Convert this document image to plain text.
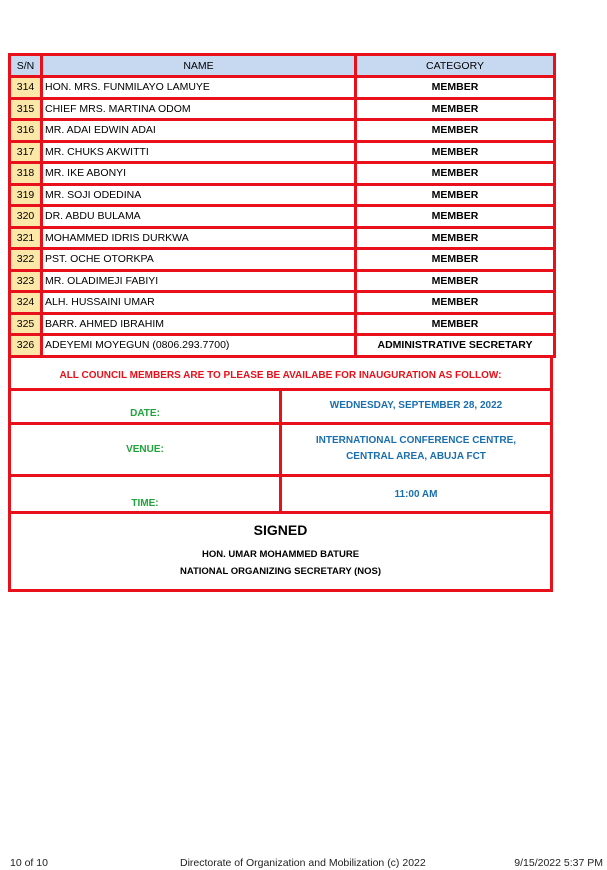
S/N	NAME	CATEGORY
314	HON. MRS. FUNMILAYO LAMUYE	MEMBER
315	CHIEF MRS. MARTINA ODOM	MEMBER
316	MR. ADAI EDWIN ADAI	MEMBER
317	MR. CHUKS AKWITTI	MEMBER
318	MR. IKE ABONYI	MEMBER
319	MR. SOJI ODEDINA	MEMBER
320	DR. ABDU BULAMA	MEMBER
321	MOHAMMED IDRIS DURKWA	MEMBER
322	PST. OCHE OTORKPA	MEMBER
323	MR. OLADIMEJI FABIYI	MEMBER
324	ALH. HUSSAINI UMAR	MEMBER
325	BARR. AHMED IBRAHIM	MEMBER
326	ADEYEMI MOYEGUN (0806.293.7700)	ADMINISTRATIVE SECRETARY
ALL COUNCIL MEMBERS ARE TO PLEASE BE AVAILABE FOR INAUGURATION AS FOLLOW:	
DATE:	WEDNESDAY, SEPTEMBER 28, 2022
VENUE:	INTERNATIONAL CONFERENCE CENTRE,
CENTRAL AREA, ABUJA FCT

TIME:	11:00 AM

SIGNED
HON. UMAR MOHAMMED BATURE
NATIONAL ORGANIZING SECRETARY (NOS)	
10 of 10	Directorate of Organization and Mobilization (c) 2022	9/15/2022 5:37 PM
